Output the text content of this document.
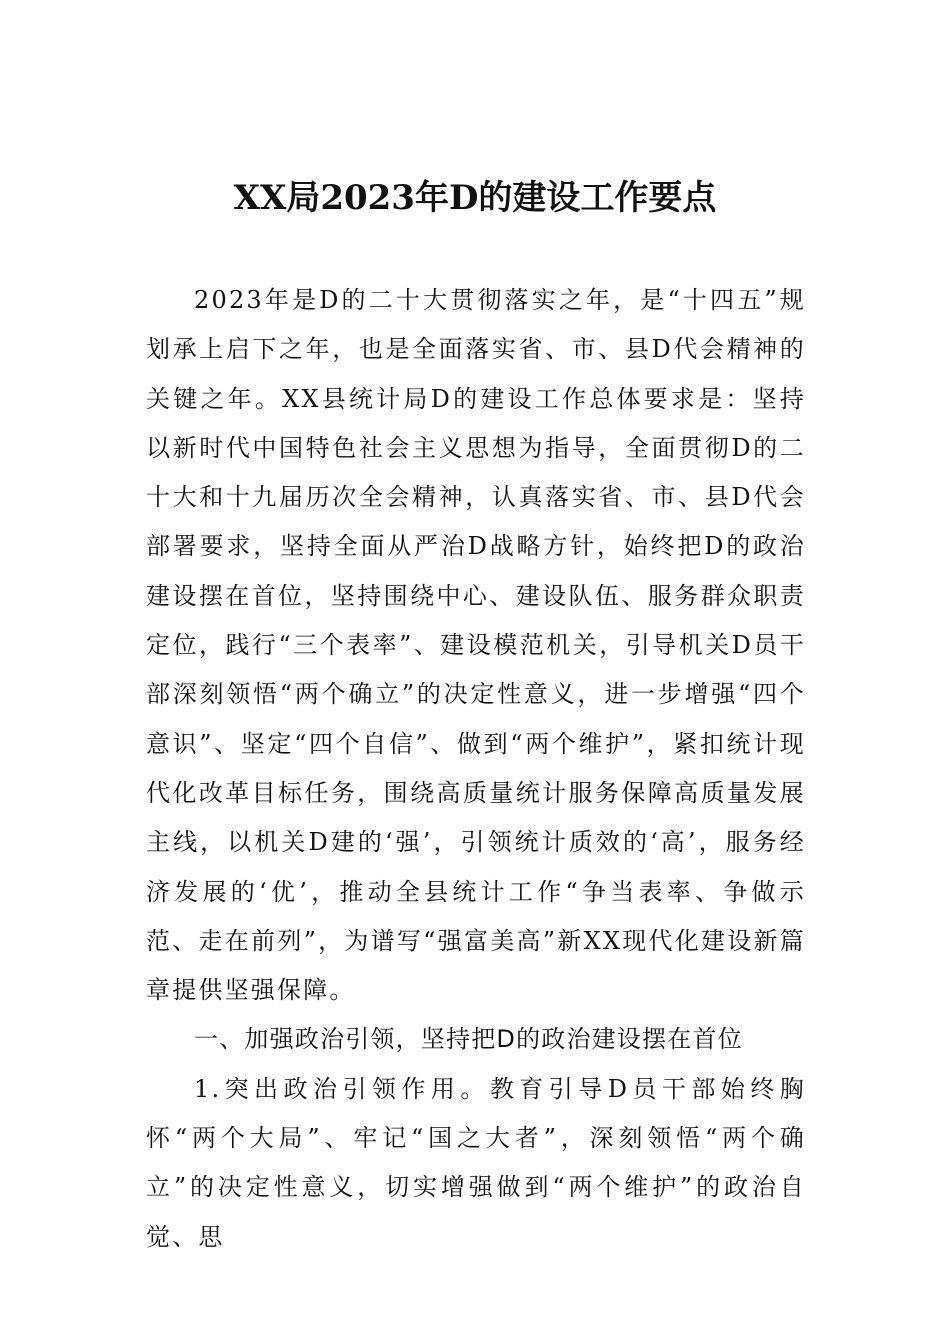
XX局2023年D的建设工作要点

2023年是D的二十大贯彻落实之年，是“十四五”规划承上启下之年，也是全面落实省、市、县D代会精神的关键之年。XX县统计局D的建设工作总体要求是：坚持以新时代中国特色社会主义思想为指导，全面贯彻D的二十大和十九届历次全会精神，认真落实省、市、县D代会部署要求，坚持全面从严治D战略方针，始终把D的政治建设摆在首位，坚持围绕中心、建设队伍、服务群众职责定位，践行“三个表率”、建设模范机关，引导机关D员干部深刻领悟“两个确立”的决定性意义，进一步增强“四个意识”、坚定“四个自信”、做到“两个维护”，紧扣统计现代化改革目标任务，围绕高质量统计服务保障高质量发展主线，以机关D建的‘强’，引领统计质效的‘高’，服务经济发展的‘优’，推动全县统计工作“争当表率、争做示范、走在前列”，为谱写“强富美高”新XX现代化建设新篇章提供坚强保障。

一、加强政治引领，坚持把D的政治建设摆在首位

1.突出政治引领作用。教育引导D员干部始终胸怀“两个大局”、牢记“国之大者”，深刻领悟“两个确立”的决定性意义，切实增强做到“两个维护”的政治自觉、思
